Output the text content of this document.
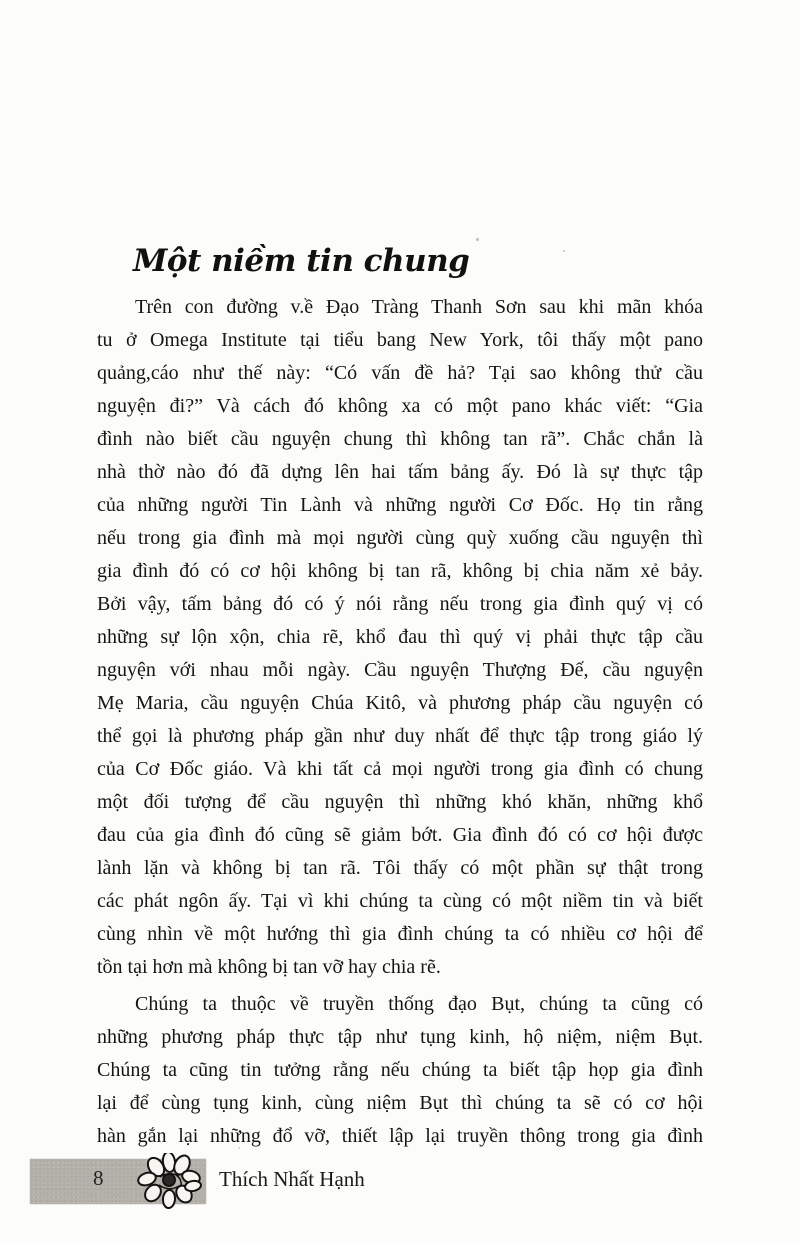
Một niềm tin chung
Trên con đường v.ề Đạo Tràng Thanh Sơn sau khi mãn khóa
tu ở Omega Institute tại tiểu bang New York, tôi thấy một pano
quảng,cáo như thế này: “Có vấn đề hả? Tại sao không thử cầu
nguyện đi?” Và cách đó không xa có một pano khác viết: “Gia
đình nào biết cầu nguyện chung thì không tan rã”. Chắc chắn là
nhà thờ nào đó đã dựng lên hai tấm bảng ấy. Đó là sự thực tập
của những người Tin Lành và những người Cơ Đốc. Họ tin rằng
nếu trong gia đình mà mọi người cùng quỳ xuống cầu nguyện thì
gia đình đó có cơ hội không bị tan rã, không bị chia năm xẻ bảy.
Bởi vậy, tấm bảng đó có ý nói rằng nếu trong gia đình quý vị có
những sự lộn xộn, chia rẽ, khổ đau thì quý vị phải thực tập cầu
nguyện với nhau mỗi ngày. Cầu nguyện Thượng Đế, cầu nguyện
Mẹ Maria, cầu nguyện Chúa Kitô, và phương pháp cầu nguyện có
thể gọi là phương pháp gần như duy nhất để thực tập trong giáo lý
của Cơ Đốc giáo. Và khi tất cả mọi người trong gia đình có chung
một đối tượng để cầu nguyện thì những khó khăn, những khổ
đau của gia đình đó cũng sẽ giảm bớt. Gia đình đó có cơ hội được
lành lặn và không bị tan rã. Tôi thấy có một phần sự thật trong
các phát ngôn ấy. Tại vì khi chúng ta cùng có một niềm tin và biết
cùng nhìn về một hướng thì gia đình chúng ta có nhiều cơ hội để
tồn tại hơn mà không bị tan vỡ hay chia rẽ.
Chúng ta thuộc về truyền thống đạo Bụt, chúng ta cũng có
những phương pháp thực tập như tụng kinh, hộ niệm, niệm Bụt.
Chúng ta cũng tin tưởng rằng nếu chúng ta biết tập họp gia đình
lại để cùng tụng kinh, cùng niệm Bụt thì chúng ta sẽ có cơ hội
hàn gắn lại những đổ vỡ, thiết lập lại truyền thông trong gia đình
8	Thích Nhất Hạnh
